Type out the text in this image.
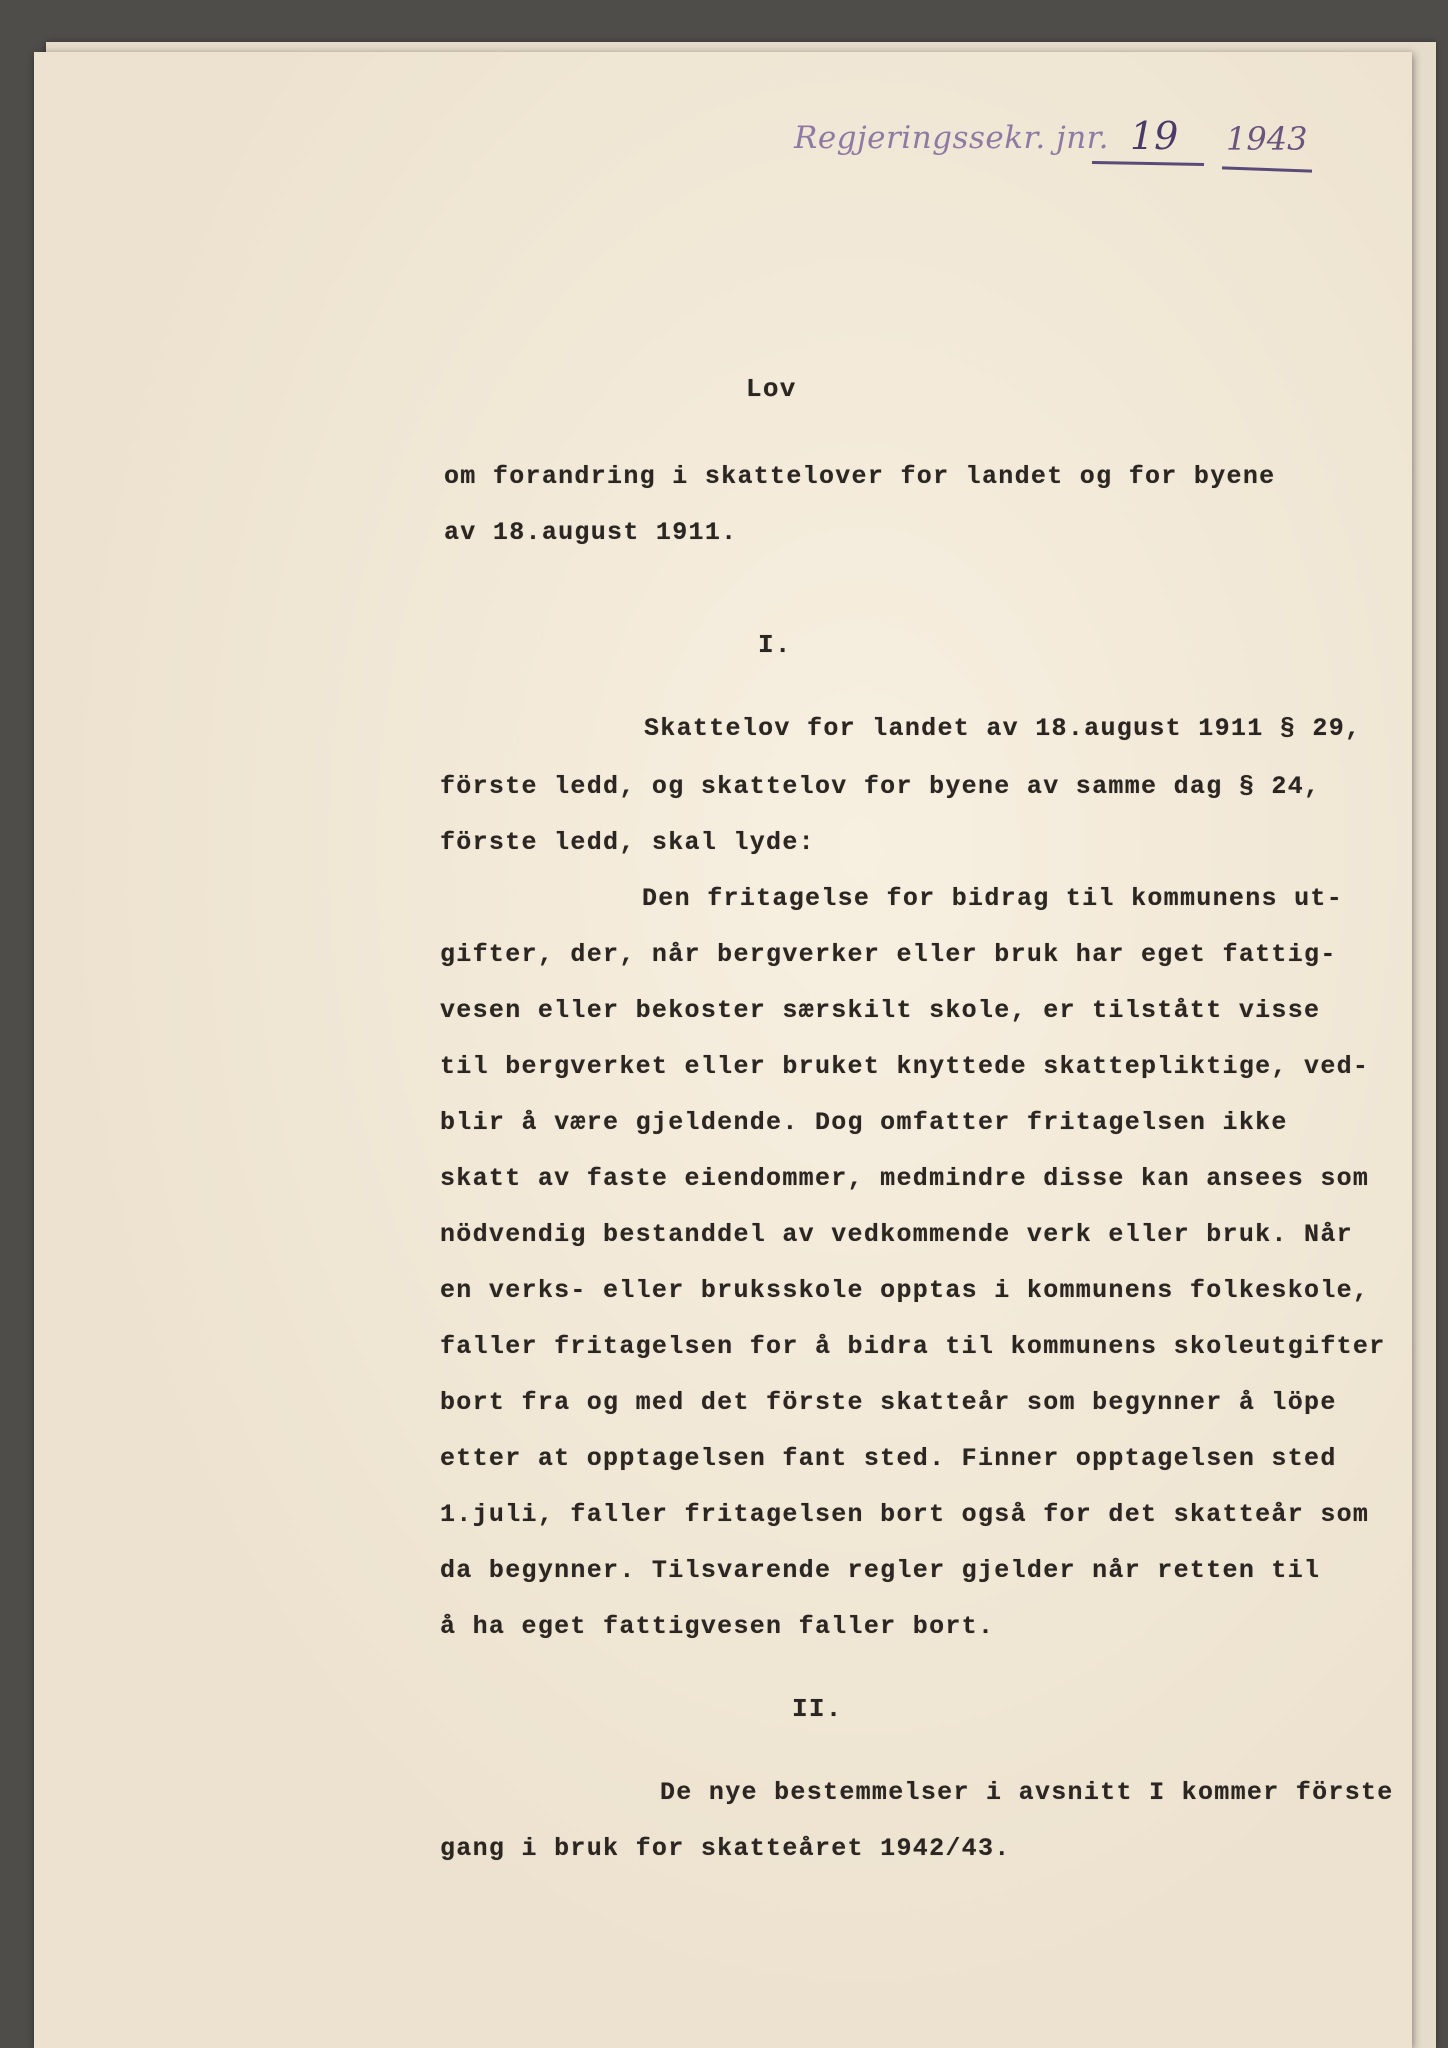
Regjeringssekr. jnr. 19 1943
Lov
om forandring i skattelover for landet og for byene
av 18.august 1911.
I.
Skattelov for landet av 18.august 1911 § 29,
förste ledd, og skattelov for byene av samme dag § 24,
förste ledd, skal lyde:
Den fritagelse for bidrag til kommunens ut-
gifter, der, når bergverker eller bruk har eget fattig-
vesen eller bekoster særskilt skole, er tilstått visse
til bergverket eller bruket knyttede skattepliktige, ved-
blir å være gjeldende. Dog omfatter fritagelsen ikke
skatt av faste eiendommer, medmindre disse kan ansees som
nödvendig bestanddel av vedkommende verk eller bruk. Når
en verks- eller bruksskole opptas i kommunens folkeskole,
faller fritagelsen for å bidra til kommunens skoleutgifter
bort fra og med det förste skatteår som begynner å löpe
etter at opptagelsen fant sted. Finner opptagelsen sted
1.juli, faller fritagelsen bort også for det skatteår som
da begynner. Tilsvarende regler gjelder når retten til
å ha eget fattigvesen faller bort.
II.
De nye bestemmelser i avsnitt I kommer förste
gang i bruk for skatteåret 1942/43.
